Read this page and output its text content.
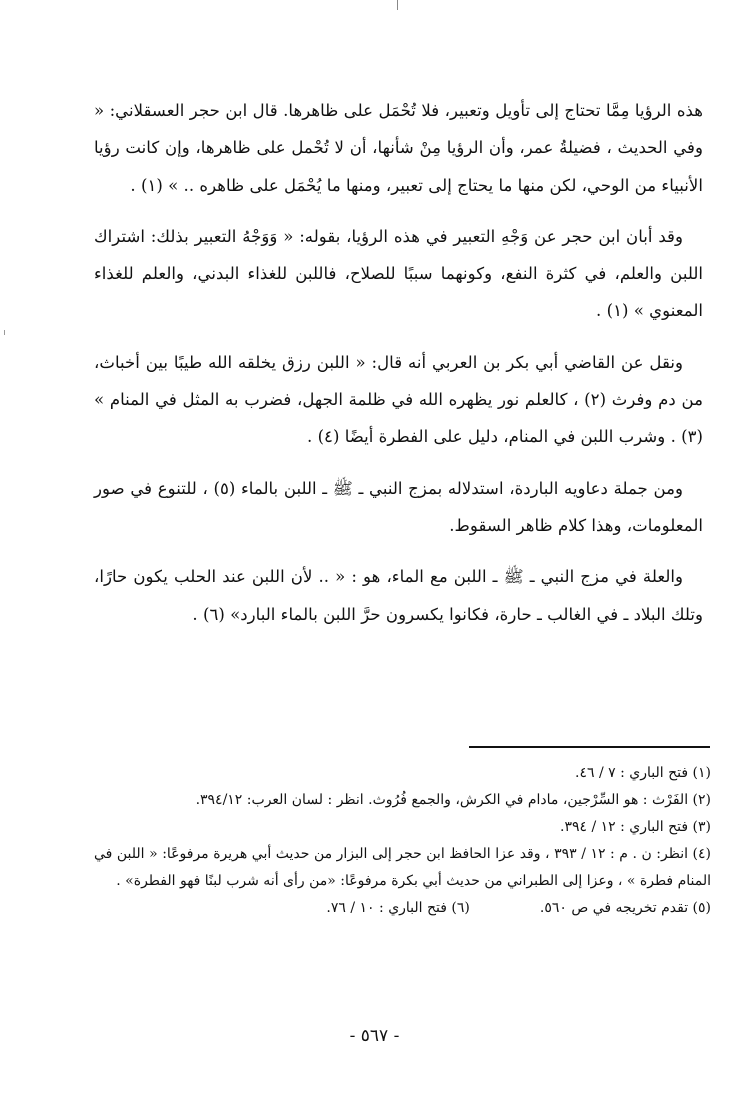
هذه الرؤيا مِمَّا تحتاج إلى تأويل وتعبير، فلا تُحْمَل على ظاهرها. قال ابن حجر العسقلاني: « وفي الحديث ، فضيلةُ عمر، وأن الرؤيا مِنْ شأنها، أن لا تُحْمل على ظاهرها، وإن كانت رؤيا الأنبياء من الوحي، لكن منها ما يحتاج إلى تعبير، ومنها ما يُحْمَل على ظاهره .. » (١) .

وقد أبان ابن حجر عن وَجْهِ التعبير في هذه الرؤيا، بقوله: « وَوَجْهُ التعبير بذلك: اشتراك اللبن والعلم، في كثرة النفع، وكونهما سببًا للصلاح، فاللبن للغذاء البدني، والعلم للغذاء المعنوي » (١) .

ونقل عن القاضي أبي بكر بن العربي أنه قال: « اللبن رزق يخلقه الله طيبًا بين أخباث، من دم وفرث (٢) ، كالعلم نور يظهره الله في ظلمة الجهل، فضرب به المثل في المنام » (٣) . وشرب اللبن في المنام، دليل على الفطرة أيضًا (٤) .

ومن جملة دعاويه الباردة، استدلاله بمزج النبي ـ ﷺ ـ اللبن بالماء (٥) ، للتنوع في صور المعلومات، وهذا كلام ظاهر السقوط.

والعلة في مزج النبي ـ ﷺ ـ اللبن مع الماء، هو : « .. لأن اللبن عند الحلب يكون حارًا، وتلك البلاد ـ في الغالب ـ حارة، فكانوا يكسرون حرَّ اللبن بالماء البارد» (٦) .

(١) فتح الباري : ٧ / ٤٦.

(٢) الفَرْث : هو السِّرْجين، مادام في الكرش، والجمع فُرُوث. انظر : لسان العرب: ٣٩٤/١٢.

(٣) فتح الباري : ١٢ / ٣٩٤.

(٤) انظر: ن . م : ١٢ / ٣٩٣ ، وقد عزا الحافظ ابن حجر إلى البزار من حديث أبي هريرة مرفوعًا: « اللبن في المنام فطرة » ، وعزا إلى الطبراني من حديث أبي بكرة مرفوعًا: «من رأى أنه شرب لبنًا فهو الفطرة» .

(٥) تقدم تخريجه في ص ٥٦٠.
(٦) فتح الباري : ١٠ / ٧٦.
- ٥٦٧ -
